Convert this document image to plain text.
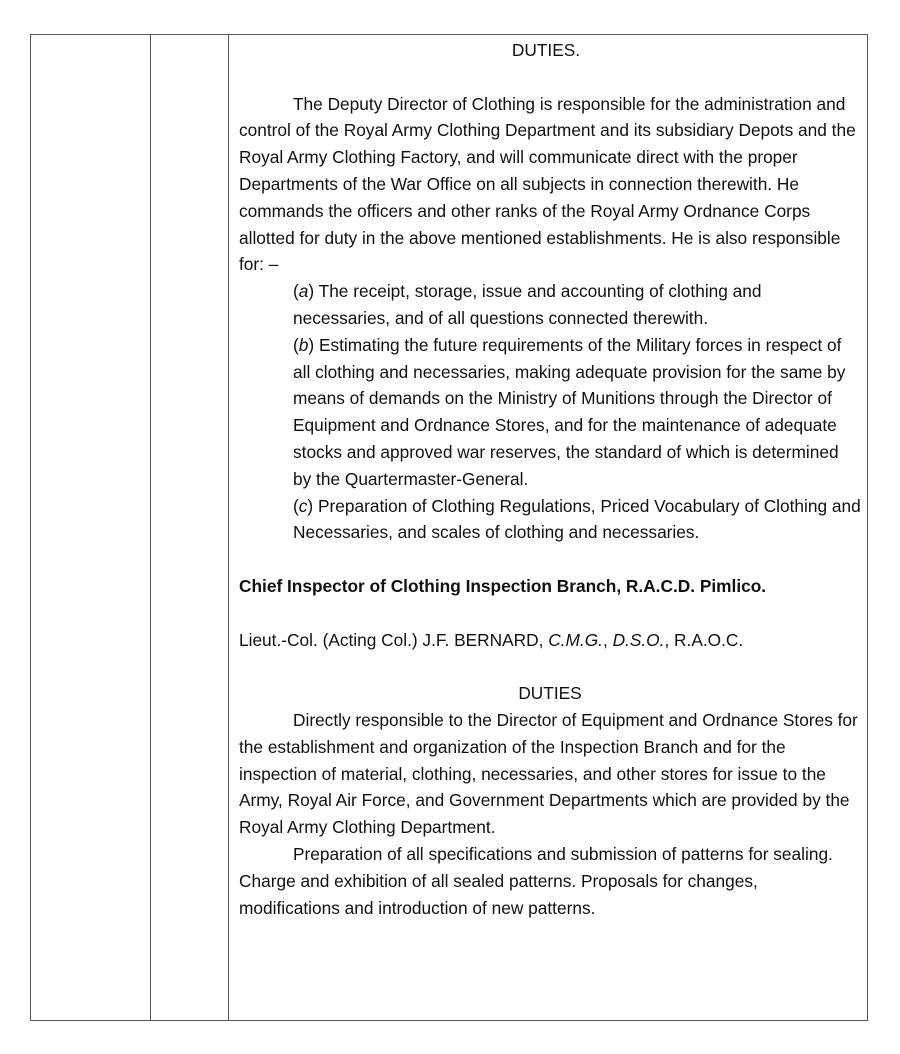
DUTIES.

The Deputy Director of Clothing is responsible for the administration and control of the Royal Army Clothing Department and its subsidiary Depots and the Royal Army Clothing Factory, and will communicate direct with the proper Departments of the War Office on all subjects in connection therewith. He commands the officers and other ranks of the Royal Army Ordnance Corps allotted for duty in the above mentioned establishments. He is also responsible for: –

(a) The receipt, storage, issue and accounting of clothing and necessaries, and of all questions connected therewith.

(b) Estimating the future requirements of the Military forces in respect of all clothing and necessaries, making adequate provision for the same by means of demands on the Ministry of Munitions through the Director of Equipment and Ordnance Stores, and for the maintenance of adequate stocks and approved war reserves, the standard of which is determined by the Quartermaster-General.

(c) Preparation of Clothing Regulations, Priced Vocabulary of Clothing and Necessaries, and scales of clothing and necessaries.

Chief Inspector of Clothing Inspection Branch, R.A.C.D. Pimlico.

Lieut.-Col. (Acting Col.) J.F. BERNARD, C.M.G., D.S.O., R.A.O.C.

DUTIES

Directly responsible to the Director of Equipment and Ordnance Stores for the establishment and organization of the Inspection Branch and for the inspection of material, clothing, necessaries, and other stores for issue to the Army, Royal Air Force, and Government Departments which are provided by the Royal Army Clothing Department.

Preparation of all specifications and submission of patterns for sealing. Charge and exhibition of all sealed patterns. Proposals for changes, modifications and introduction of new patterns.
